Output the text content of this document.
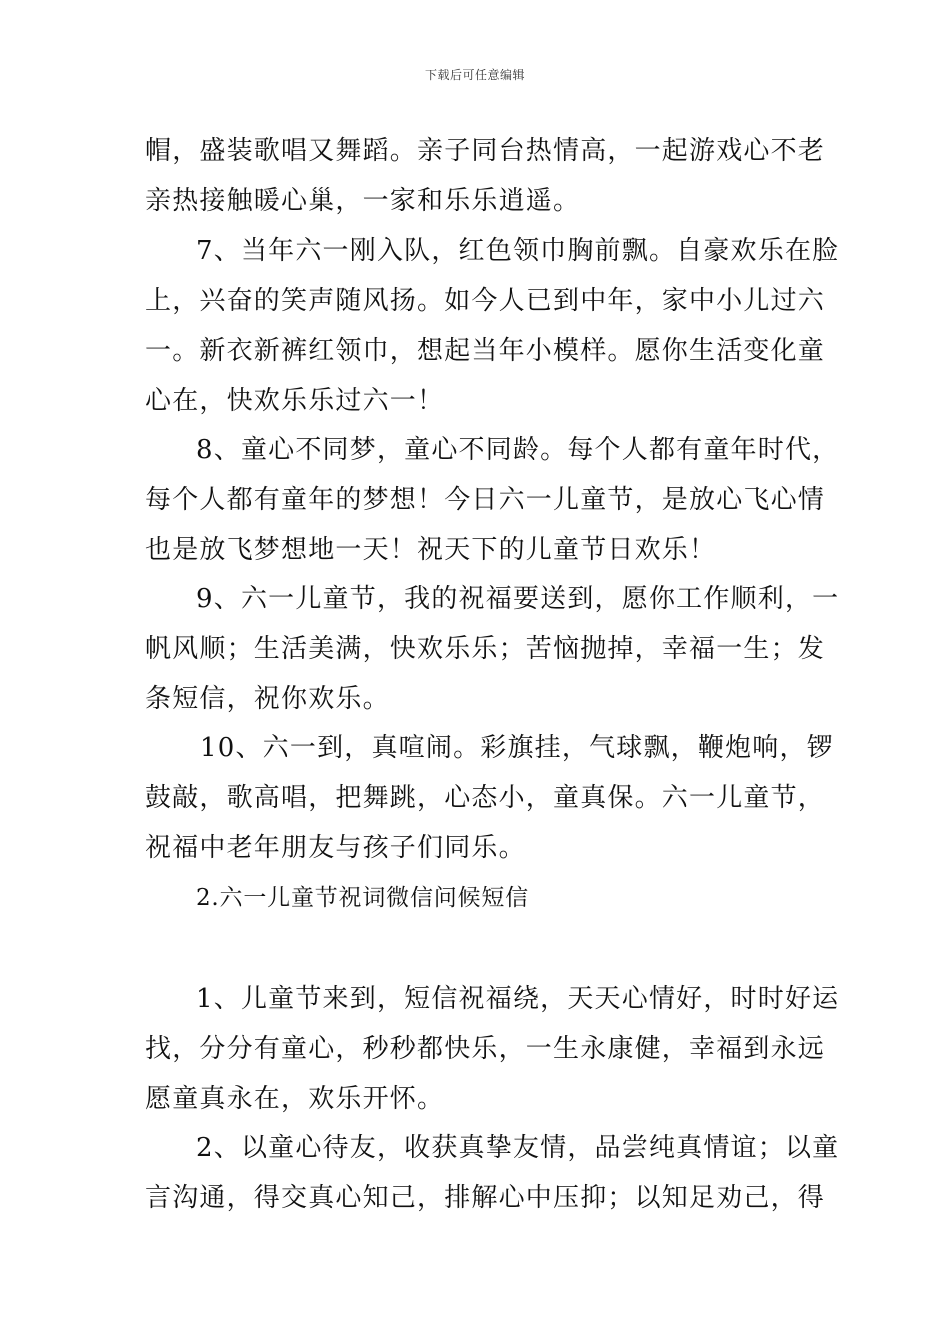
下载后可任意编辑
帽，盛装歌唱又舞蹈。亲子同台热情高，一起游戏心不老
亲热接触暖心巢，一家和乐乐逍遥。
7、当年六一刚入队，红色领巾胸前飘。自豪欢乐在脸
上，兴奋的笑声随风扬。如今人已到中年，家中小儿过六
一。新衣新裤红领巾，想起当年小模样。愿你生活变化童
心在，快欢乐乐过六一！
8、童心不同梦，童心不同龄。每个人都有童年时代，
每个人都有童年的梦想！今日六一儿童节，是放心飞心情
也是放飞梦想地一天！祝天下的儿童节日欢乐！
9、六一儿童节，我的祝福要送到，愿你工作顺利，一
帆风顺；生活美满，快欢乐乐；苦恼抛掉，幸福一生；发
条短信，祝你欢乐。
10、六一到，真喧闹。彩旗挂，气球飘，鞭炮响，锣
鼓敲，歌高唱，把舞跳，心态小，童真保。六一儿童节，
祝福中老年朋友与孩子们同乐。
2.六一儿童节祝词微信问候短信
1、儿童节来到，短信祝福绕，天天心情好，时时好运
找，分分有童心，秒秒都快乐，一生永康健，幸福到永远
愿童真永在，欢乐开怀。
2、以童心待友，收获真挚友情，品尝纯真情谊；以童
言沟通，得交真心知己，排解心中压抑；以知足劝己，得
